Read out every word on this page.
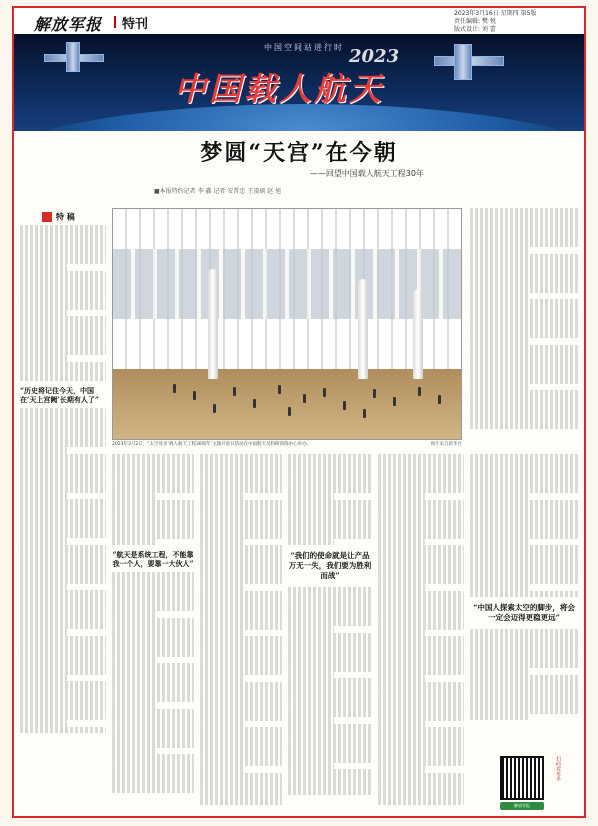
解放军报 特刊
2023年3月16日 星期四 第5版
责任编辑: 樊 悦
版式设计: 刘 蕾
中国空间站进行时 2023
中国载人航天
梦圆“天宫”在今朝
——回望中国载人航天工程30年
■本报特约记者 李 鑫 记者 安普忠 王凌硕 赵 旭
特 稿
“历史将记住今天，中国在‘天上宫阙’长期有人了”
2023年3月2日，“太空母亲’载人航天工程30周年’主题开放日活动在中国航天员科研训练中心举办。	图片来自新华社
“航天是系统工程，不能靠我一个人，要靠一大伙人”
“我们的使命就是让产品万无一失，我们要为胜利而战”
“中国人探索太空的脚步，将会一定会迈得更稳更远”
扫码看更多
解放军报
